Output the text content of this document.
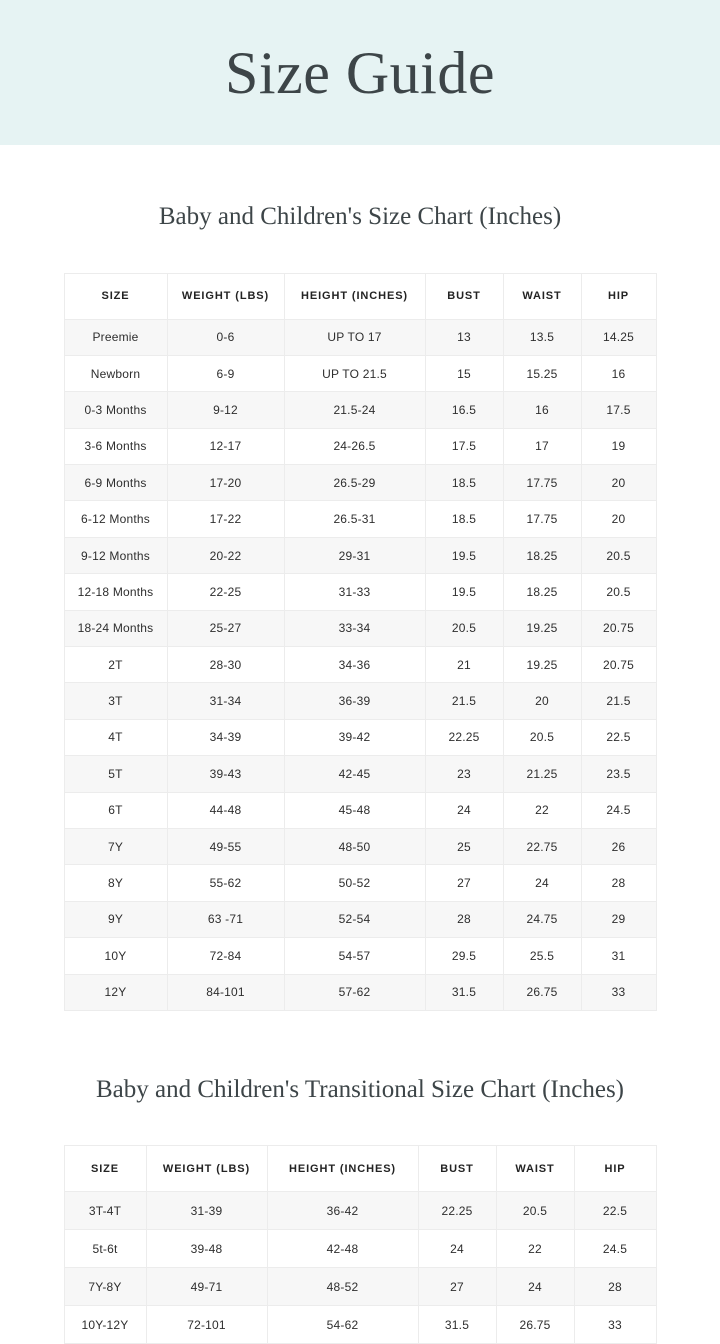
Size Guide
Baby and Children's Size Chart (Inches)
SIZE	WEIGHT (LBS)	HEIGHT (INCHES)	BUST	WAIST	HIP
Preemie	0-6	UP TO 17	13	13.5	14.25
Newborn	6-9	UP TO 21.5	15	15.25	16
0-3 Months	9-12	21.5-24	16.5	16	17.5
3-6 Months	12-17	24-26.5	17.5	17	19
6-9 Months	17-20	26.5-29	18.5	17.75	20
6-12 Months	17-22	26.5-31	18.5	17.75	20
9-12 Months	20-22	29-31	19.5	18.25	20.5
12-18 Months	22-25	31-33	19.5	18.25	20.5
18-24 Months	25-27	33-34	20.5	19.25	20.75
2T	28-30	34-36	21	19.25	20.75
3T	31-34	36-39	21.5	20	21.5
4T	34-39	39-42	22.25	20.5	22.5
5T	39-43	42-45	23	21.25	23.5
6T	44-48	45-48	24	22	24.5
7Y	49-55	48-50	25	22.75	26
8Y	55-62	50-52	27	24	28
9Y	63 -71	52-54	28	24.75	29
10Y	72-84	54-57	29.5	25.5	31
12Y	84-101	57-62	31.5	26.75	33
Baby and Children's Transitional Size Chart (Inches)
SIZE	WEIGHT (LBS)	HEIGHT (INCHES)	BUST	WAIST	HIP
3T-4T	31-39	36-42	22.25	20.5	22.5
5t-6t	39-48	42-48	24	22	24.5
7Y-8Y	49-71	48-52	27	24	28
10Y-12Y	72-101	54-62	31.5	26.75	33
